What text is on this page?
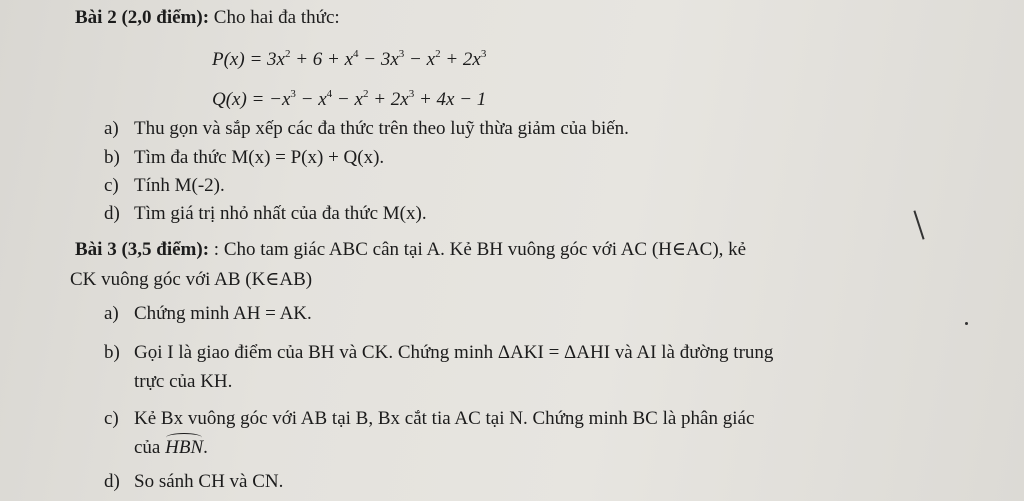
Bài 2 (2,0 điểm): Cho hai đa thức:
$P(x) = 3x^2 + 6 + x^4 - 3x^3 - x^2 + 2x^3$
$Q(x) = -x^3 - x^4 - x^2 + 2x^3 + 4x - 1$
a) Thu gọn và sắp xếp các đa thức trên theo luỹ thừa giảm của biến.
b) Tìm đa thức M(x) = P(x) + Q(x).
c) Tính M(-2).
d) Tìm giá trị nhỏ nhất của đa thức M(x).
Bài 3 (3,5 điểm): : Cho tam giác ABC cân tại A. Kẻ BH vuông góc với AC (H∈AC), kẻ
CK vuông góc với AB (K∈AB)
a) Chứng minh AH = AK.
b) Gọi I là giao điểm của BH và CK. Chứng minh ΔAKI = ΔAHI và AI là đường trung
trực của KH.
c) Kẻ Bx vuông góc với AB tại B, Bx cắt tia AC tại N. Chứng minh BC là phân giác
của HBN.
d) So sánh CH và CN.
